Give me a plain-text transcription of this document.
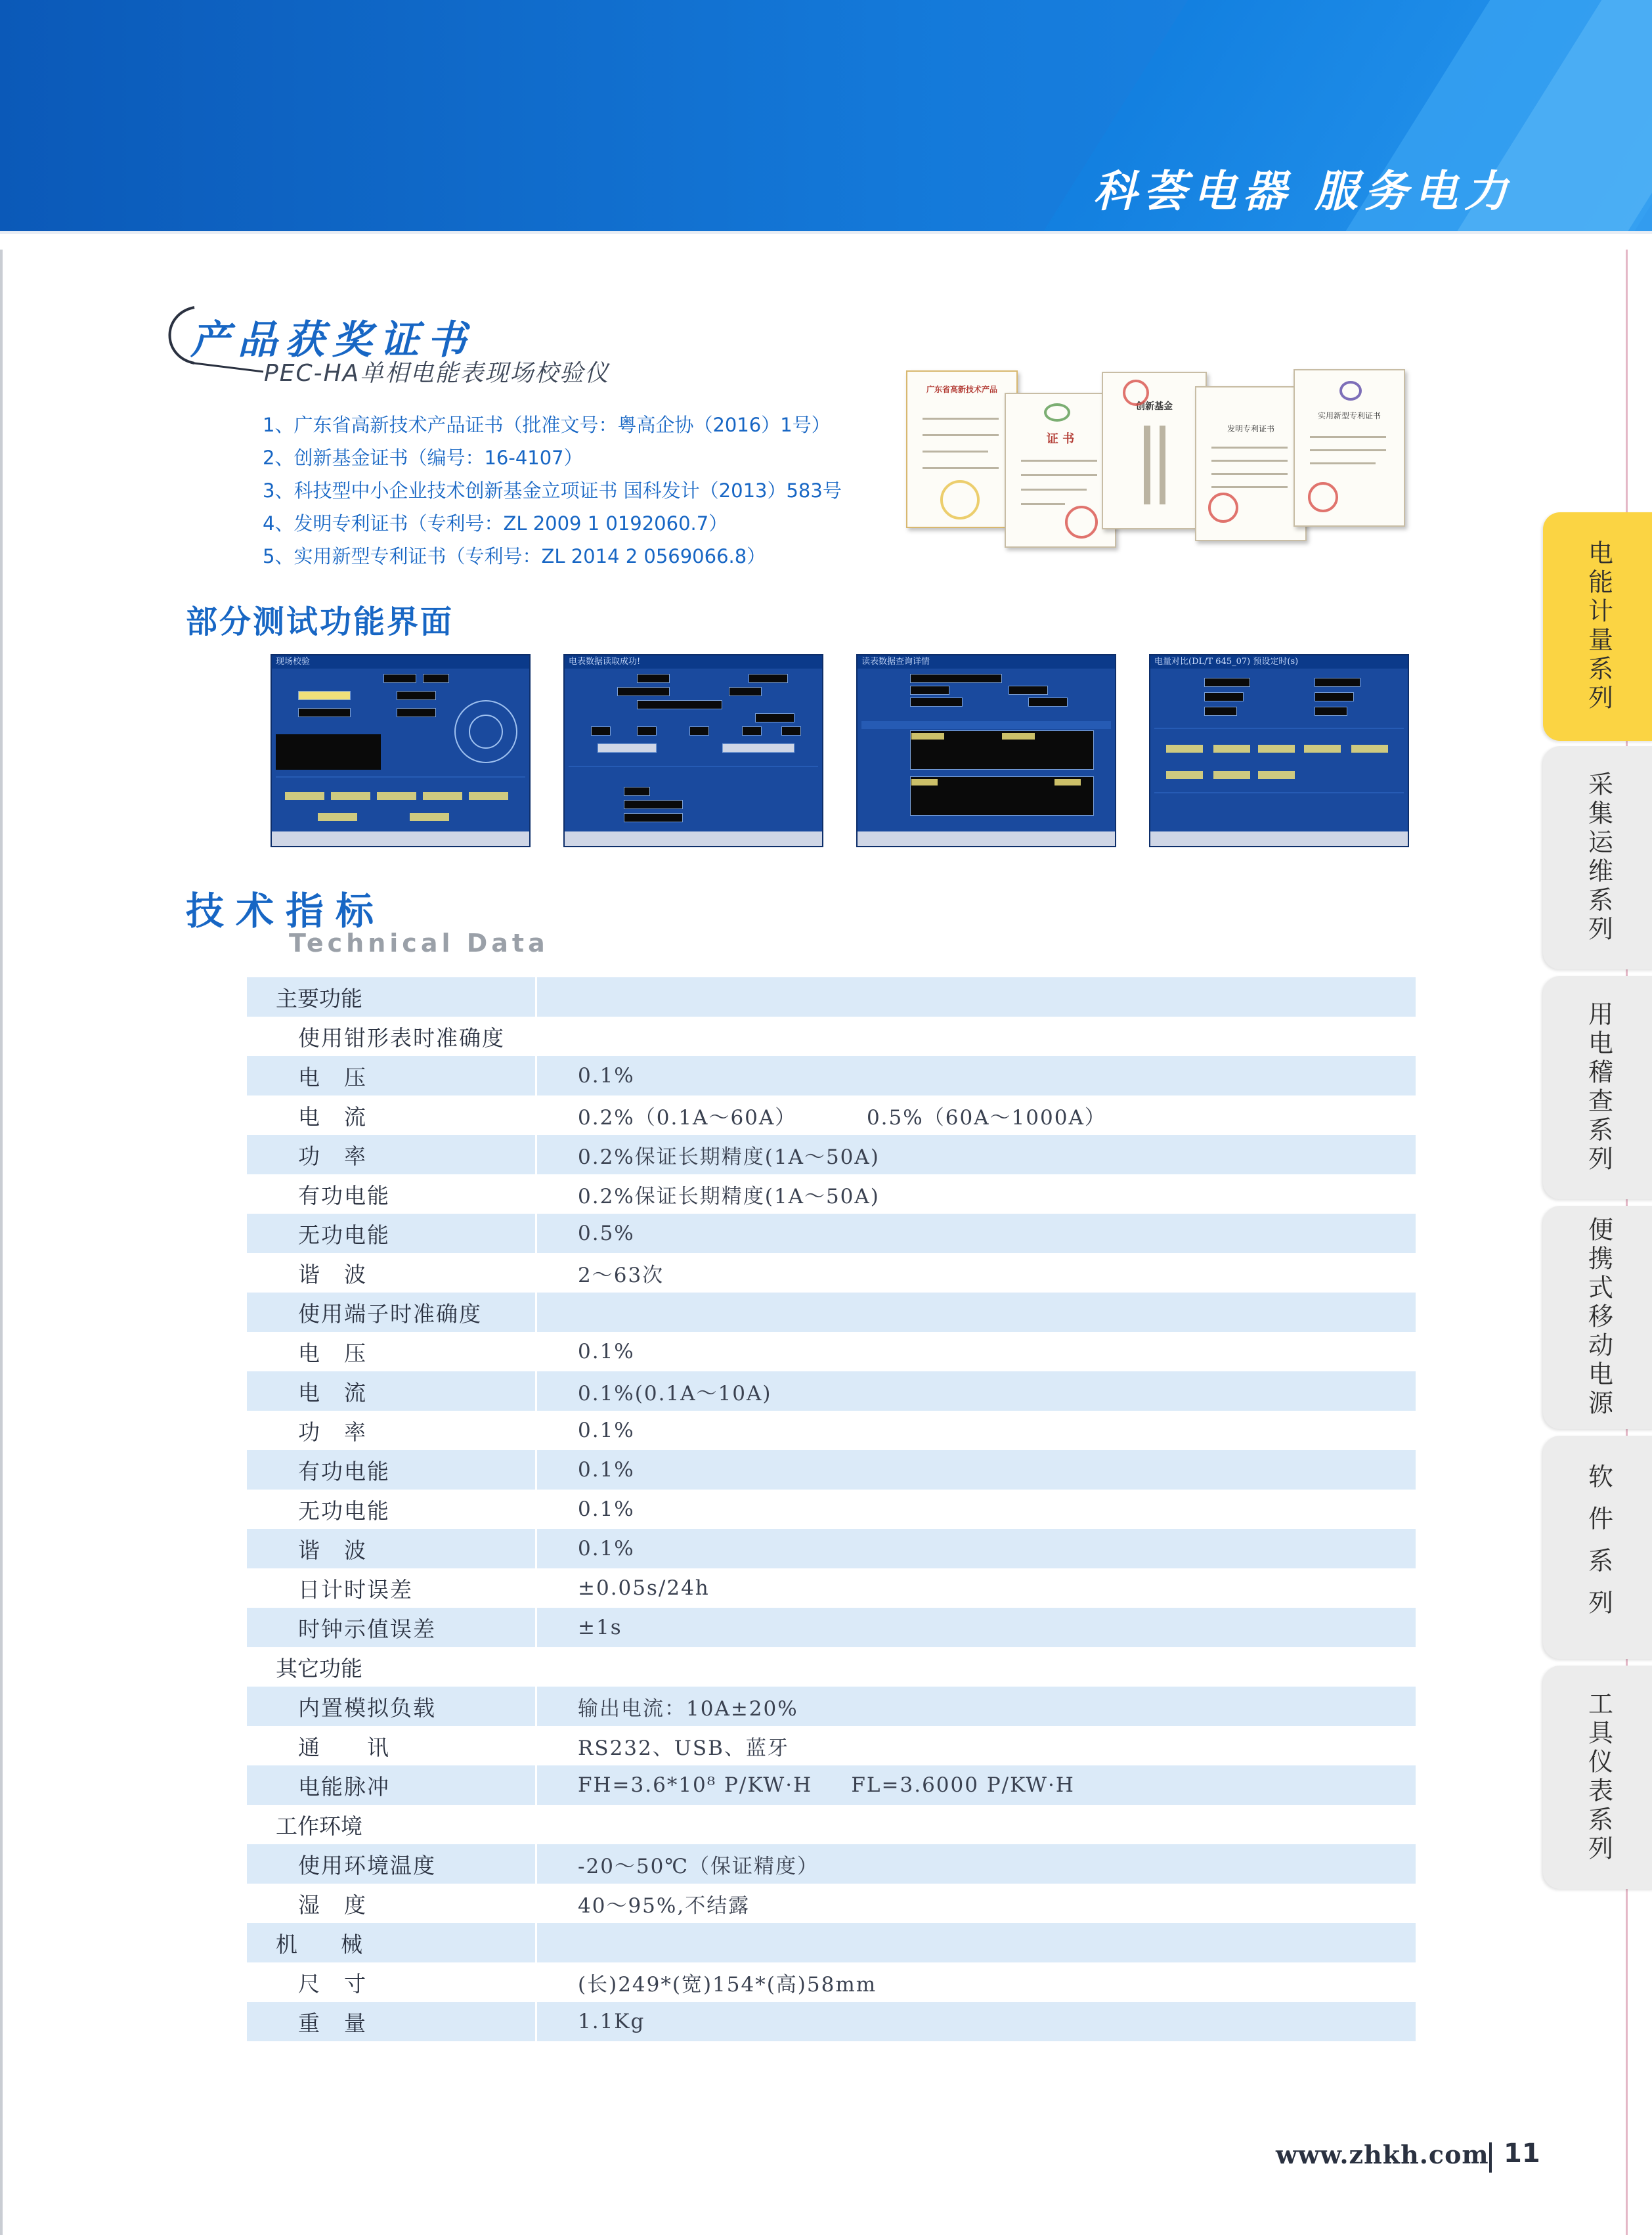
科荟电器 服务电力
产品获奖证书
PEC-HA单相电能表现场校验仪
1、广东省高新技术产品证书（批准文号：粤高企协（2016）1号）
2、创新基金证书（编号：16-4107）
3、科技型中小企业技术创新基金立项证书 国科发计（2013）583号
4、发明专利证书（专利号：ZL 2009 1 0192060.7）
5、实用新型专利证书（专利号：ZL 2014 2 0569066.8）
广东省高新技术产品
证 书
创新基金
发明专利证书
实用新型专利证书
部分测试功能界面
现场校验	电表数据读取成功!	读表数据查询详情	电量对比(DL/T 645_07) 预设定时(s)
技术指标
Technical Data
主要功能
使用钳形表时准确度
电　压	0.1%
电　流	0.2%（0.1A～60A）         0.5%（60A～1000A）
功　率	0.2%保证长期精度(1A～50A)
有功电能	0.2%保证长期精度(1A～50A)
无功电能	0.5%
谐　波	2～63次
使用端子时准确度
电　压	0.1%
电　流	0.1%(0.1A～10A)
功　率	0.1%
有功电能	0.1%
无功电能	0.1%
谐　波	0.1%
日计时误差	±0.05s/24h
时钟示值误差	±1s
其它功能
内置模拟负载	输出电流：10A±20%
通　　讯	RS232、USB、蓝牙
电能脉冲	FH=3.6*10⁸ P/KW·H     FL=3.6000 P/KW·H
工作环境
使用环境温度	-20～50℃（保证精度）
湿　度	40～95%,不结露
机　　械
尺　寸	(长)249*(宽)154*(高)58mm
重　量	1.1Kg
电能计量系列
采集运维系列
用电稽查系列
便携式移动电源
软件系列
工具仪表系列
www.zhkh.com 11
